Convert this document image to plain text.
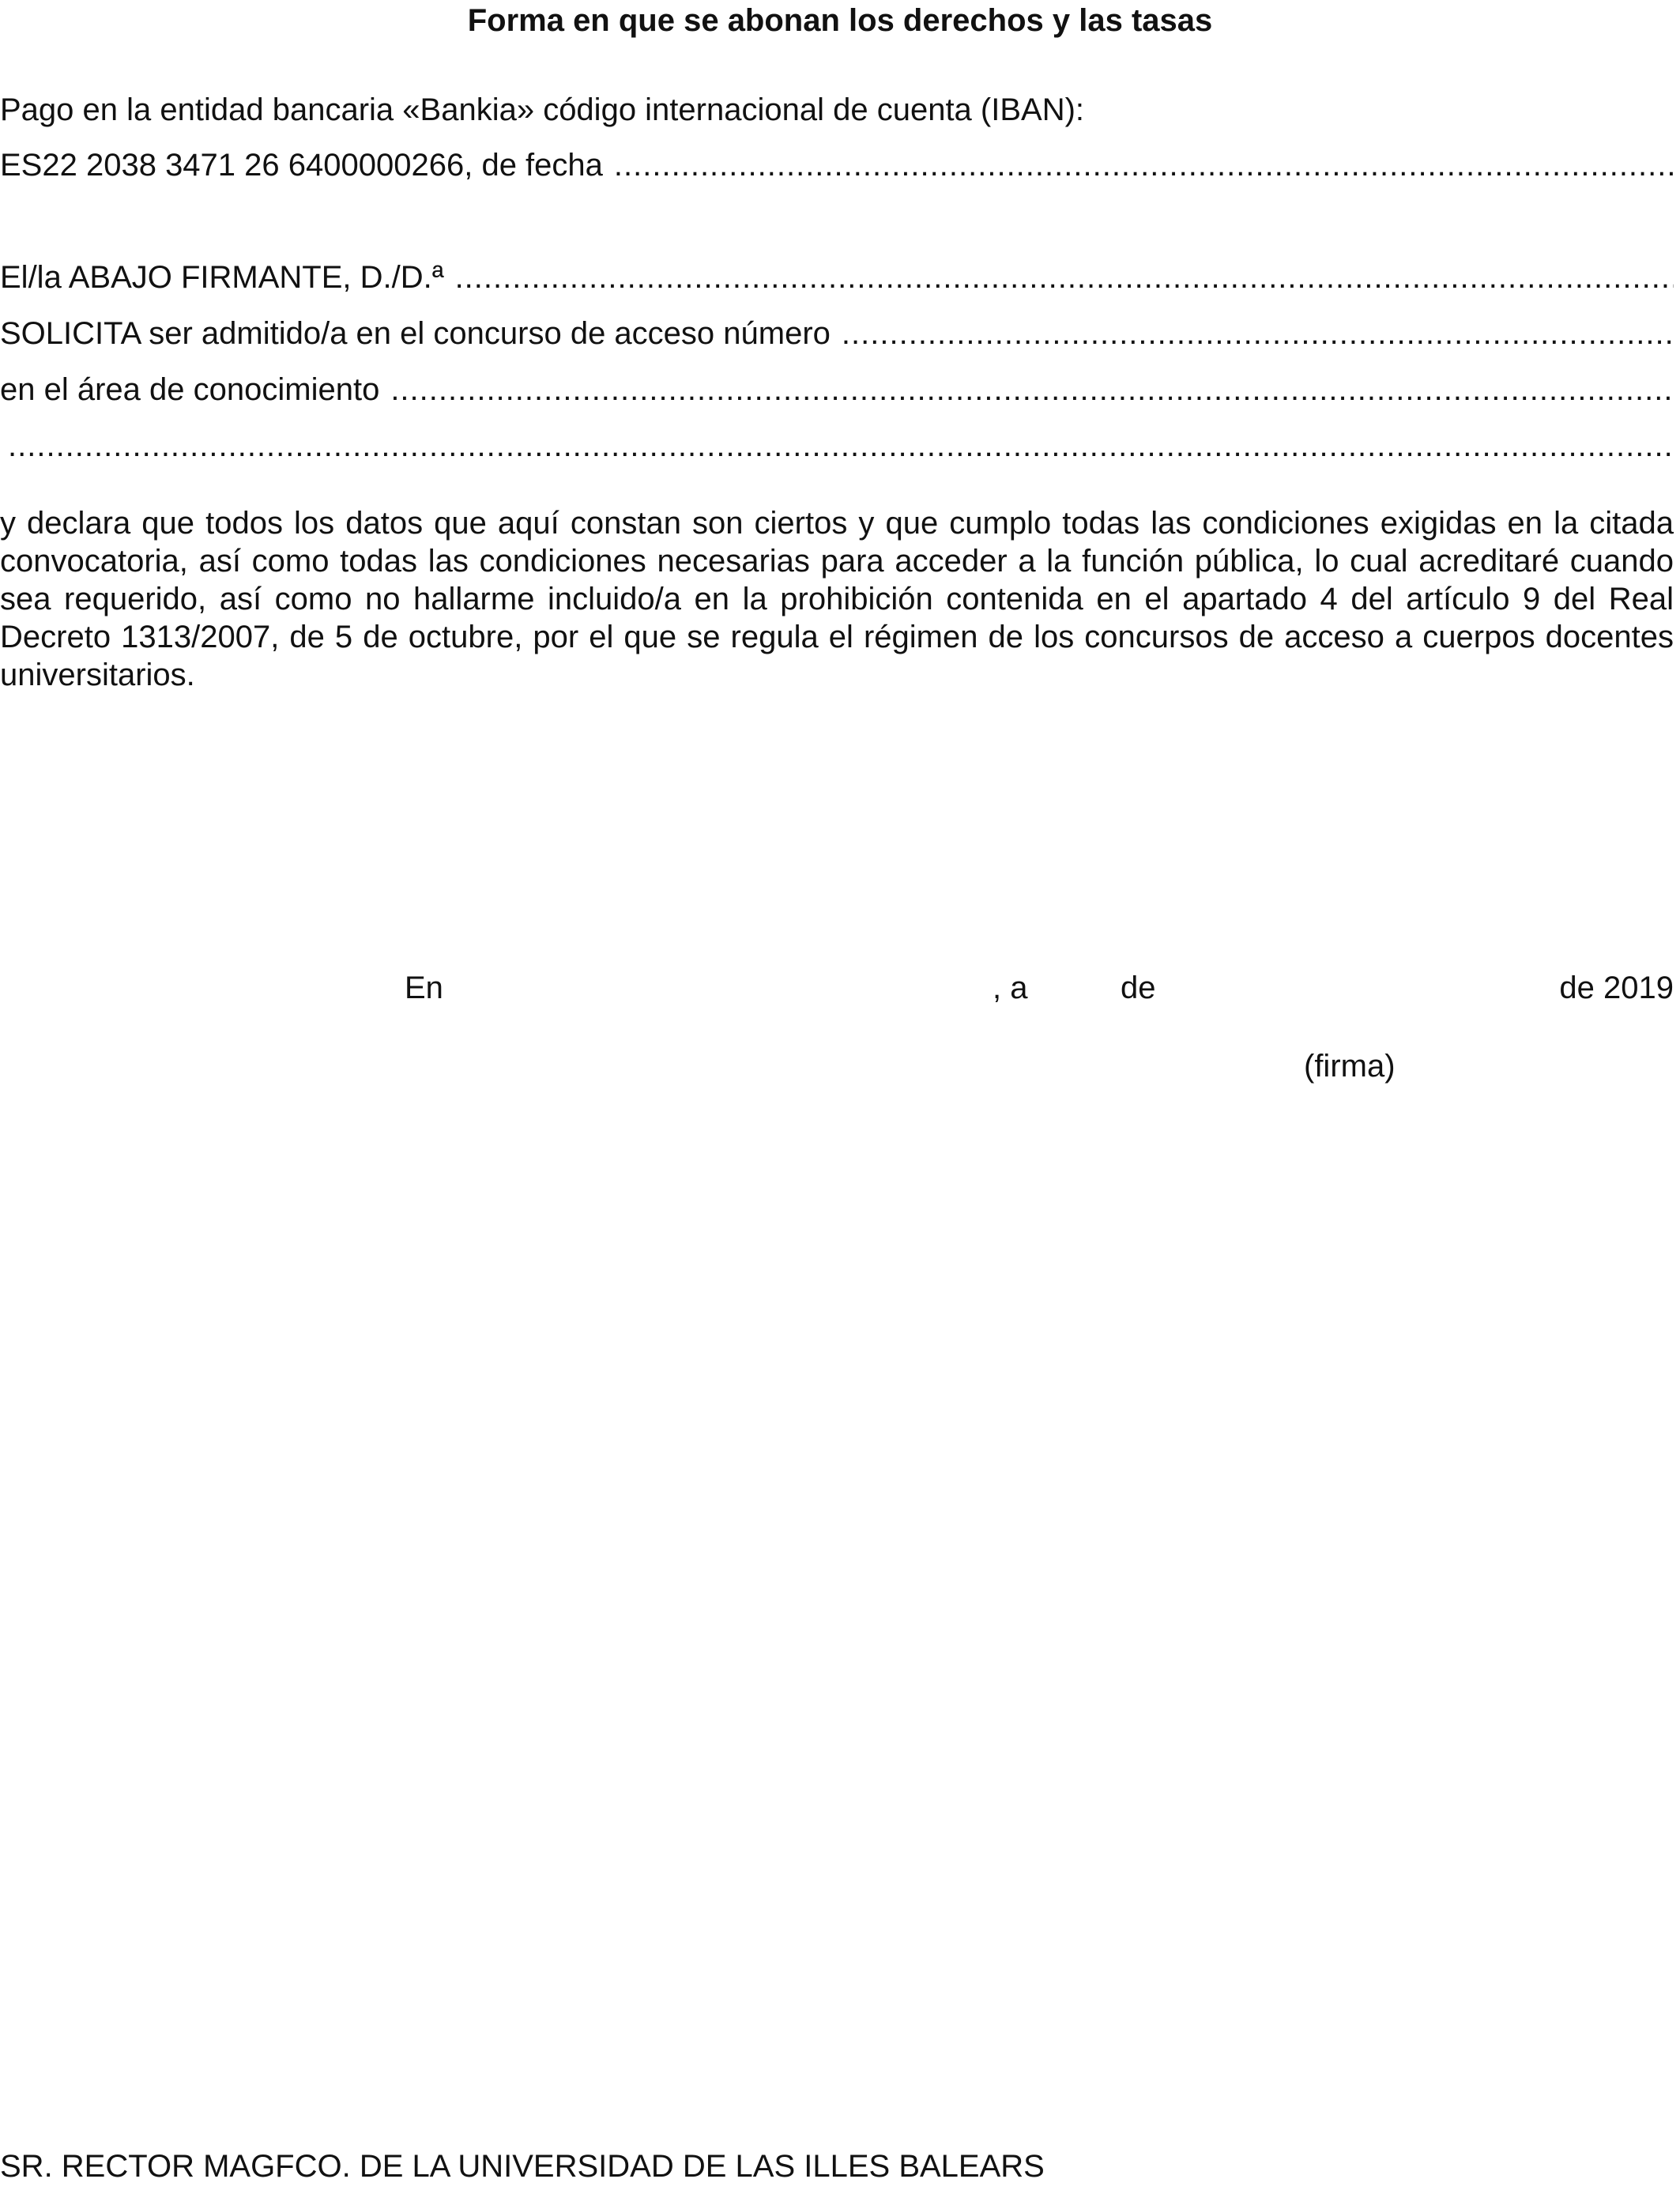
Forma en que se abonan los derechos y las tasas
Pago en la entidad bancaria «Bankia» código internacional de cuenta (IBAN):
ES22 2038 3471 26 6400000266, de fecha
.....
El/la ABAJO FIRMANTE, D./D.ª
.....
SOLICITA ser admitido/a en el concurso de acceso número
.....
en el área de conocimiento
.....
.....
y declara que todos los datos que aquí constan son ciertos y que cumplo todas las condiciones exigidas en la citada convocatoria, así como todas las condiciones necesarias para acceder a la función pública, lo cual acreditaré cuando sea requerido, así como no hallarme incluido/a en la prohibición contenida en el apartado 4 del artículo 9 del Real Decreto 1313/2007, de 5 de octubre, por el que se regula el régimen de los concursos de acceso a cuerpos docentes universitarios.
En	, a	de	de 2019
(firma)
SR. RECTOR MAGFCO. DE LA UNIVERSIDAD DE LAS ILLES BALEARS
